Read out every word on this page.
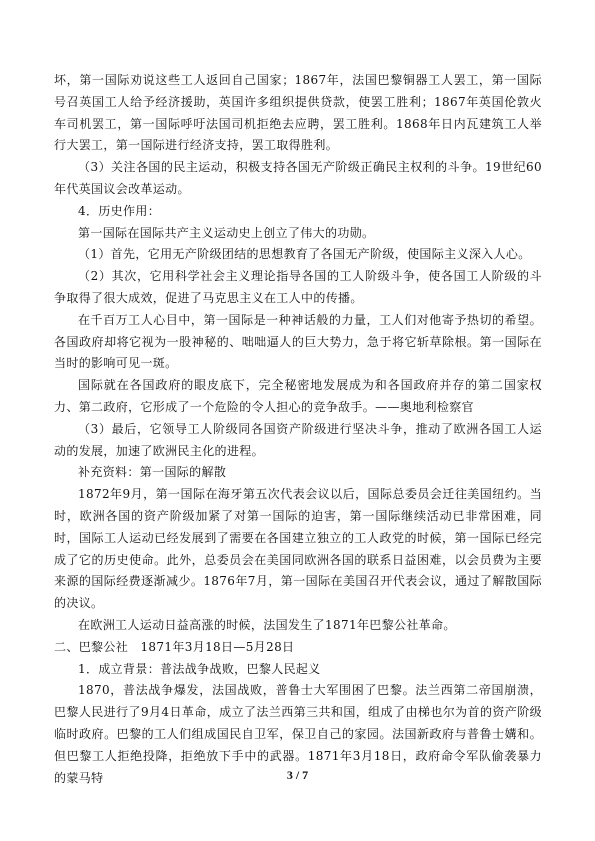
坏，第一国际劝说这些工人返回自己国家；1867年，法国巴黎铜器工人罢工，第一国际号召英国工人给予经济援助，英国许多组织提供贷款，使罢工胜利；1867年英国伦敦火车司机罢工，第一国际呼吁法国司机拒绝去应聘，罢工胜利。1868年日内瓦建筑工人举行大罢工，第一国际进行经济支持，罢工取得胜利。

（3）关注各国的民主运动，积极支持各国无产阶级正确民主权利的斗争。19世纪60年代英国议会改革运动。

4．历史作用：

第一国际在国际共产主义运动史上创立了伟大的功勋。

（1）首先，它用无产阶级团结的思想教育了各国无产阶级，使国际主义深入人心。

（2）其次，它用科学社会主义理论指导各国的工人阶级斗争，使各国工人阶级的斗争取得了很大成效，促进了马克思主义在工人中的传播。

在千百万工人心目中，第一国际是一种神话般的力量，工人们对他寄予热切的希望。各国政府却将它视为一股神秘的、咄咄逼人的巨大势力，急于将它斩草除根。第一国际在当时的影响可见一斑。

国际就在各国政府的眼皮底下，完全秘密地发展成为和各国政府并存的第二国家权力、第二政府，它形成了一个危险的令人担心的竞争敌手。——奥地利检察官

（3）最后，它领导工人阶级同各国资产阶级进行坚决斗争，推动了欧洲各国工人运动的发展，加速了欧洲民主化的进程。

补充资料：第一国际的解散

1872年9月，第一国际在海牙第五次代表会议以后，国际总委员会迁往美国纽约。当时，欧洲各国的资产阶级加紧了对第一国际的迫害，第一国际继续活动已非常困难，同时，国际工人运动已经发展到了需要在各国建立独立的工人政党的时候，第一国际已经完成了它的历史使命。此外，总委员会在美国同欧洲各国的联系日益困难，以会员费为主要来源的国际经费逐渐减少。1876年7月，第一国际在美国召开代表会议，通过了解散国际的决议。

在欧洲工人运动日益高涨的时候，法国发生了1871年巴黎公社革命。

二、巴黎公社　1871年3月18日—5月28日

1．成立背景：普法战争战败，巴黎人民起义

1870，普法战争爆发，法国战败，普鲁士大军围困了巴黎。法兰西第二帝国崩溃，巴黎人民进行了9月4日革命，成立了法兰西第三共和国，组成了由梯也尔为首的资产阶级临时政府。巴黎的工人们组成国民自卫军，保卫自己的家园。法国新政府与普鲁士媾和。但巴黎工人拒绝投降，拒绝放下手中的武器。1871年3月18日，政府命令军队偷袭暴力的蒙马特	3 / 7
